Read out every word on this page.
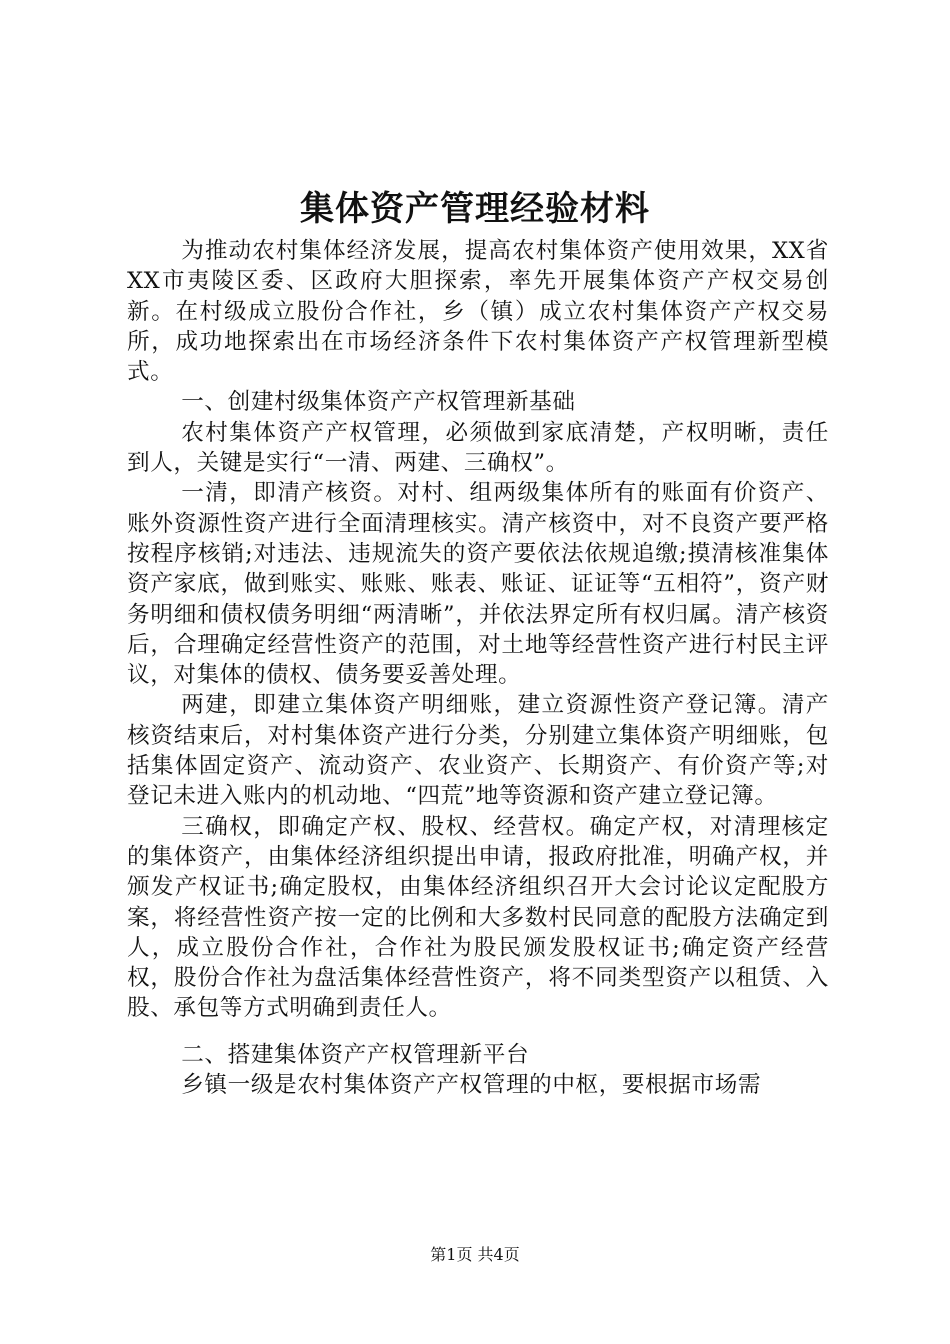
集体资产管理经验材料

为推动农村集体经济发展，提高农村集体资产使用效果，XX省XX市夷陵区委、区政府大胆探索，率先开展集体资产产权交易创新。在村级成立股份合作社，乡（镇）成立农村集体资产产权交易所，成功地探索出在市场经济条件下农村集体资产产权管理新型模式。

一、创建村级集体资产产权管理新基础

农村集体资产产权管理，必须做到家底清楚，产权明晰，责任到人，关键是实行“一清、两建、三确权”。

一清，即清产核资。对村、组两级集体所有的账面有价资产、账外资源性资产进行全面清理核实。清产核资中，对不良资产要严格按程序核销;对违法、违规流失的资产要依法依规追缴;摸清核准集体资产家底，做到账实、账账、账表、账证、证证等“五相符”，资产财务明细和债权债务明细“两清晰”，并依法界定所有权归属。清产核资后，合理确定经营性资产的范围，对土地等经营性资产进行村民主评议，对集体的债权、债务要妥善处理。

两建，即建立集体资产明细账，建立资源性资产登记簿。清产核资结束后，对村集体资产进行分类，分别建立集体资产明细账，包括集体固定资产、流动资产、农业资产、长期资产、有价资产等;对登记未进入账内的机动地、“四荒”地等资源和资产建立登记簿。

三确权，即确定产权、股权、经营权。确定产权，对清理核定的集体资产，由集体经济组织提出申请，报政府批准，明确产权，并颁发产权证书;确定股权，由集体经济组织召开大会讨论议定配股方案，将经营性资产按一定的比例和大多数村民同意的配股方法确定到人，成立股份合作社，合作社为股民颁发股权证书;确定资产经营权，股份合作社为盘活集体经营性资产，将不同类型资产以租赁、入股、承包等方式明确到责任人。

二、搭建集体资产产权管理新平台

乡镇一级是农村集体资产产权管理的中枢，要根据市场需

第1页 共4页
